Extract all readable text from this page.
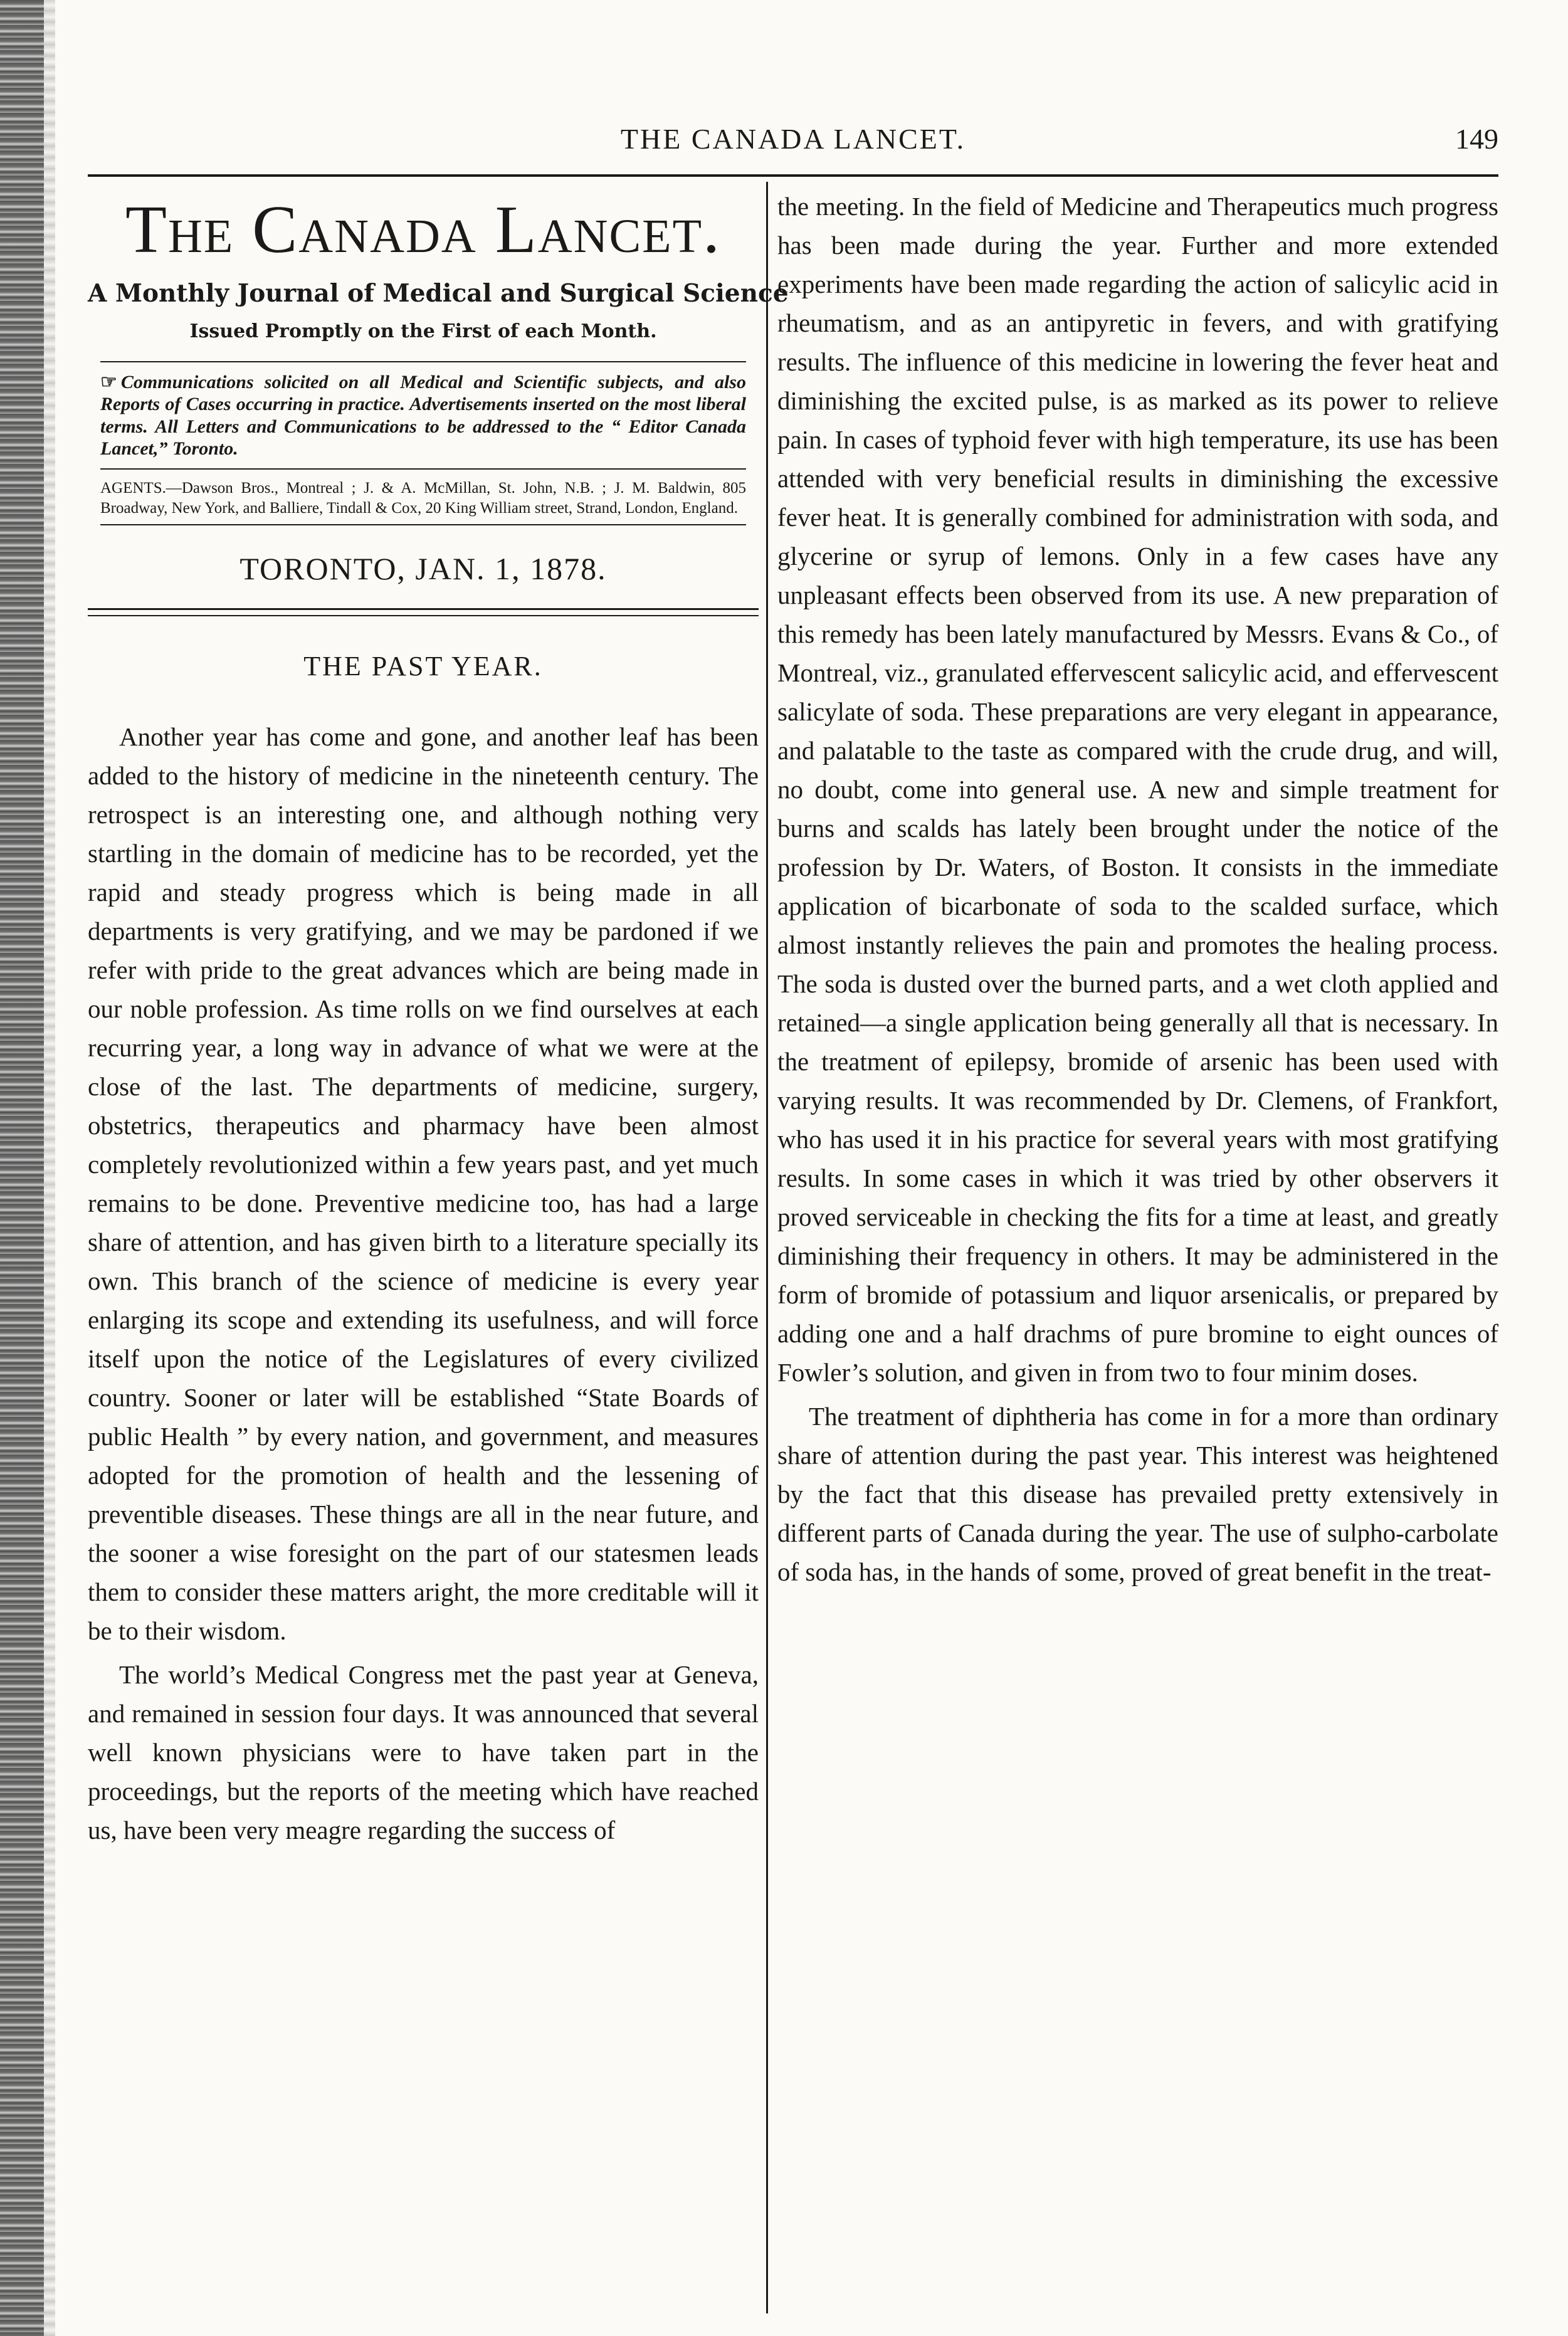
THE CANADA LANCET.	149
The Canada Lancet.
A Monthly Journal of Medical and Surgical Science
Issued Promptly on the First of each Month.
☞ Communications solicited on all Medical and Scientific subjects, and also Reports of Cases occurring in practice. Advertisements inserted on the most liberal terms. All Letters and Communications to be addressed to the “ Editor Canada Lancet,” Toronto.
AGENTS.—Dawson Bros., Montreal ; J. & A. McMillan, St. John, N.B. ; J. M. Baldwin, 805 Broadway, New York, and Balliere, Tindall & Cox, 20 King William street, Strand, London, England.
TORONTO, JAN. 1, 1878.
THE PAST YEAR.

Another year has come and gone, and another leaf has been added to the history of medicine in the nineteenth century. The retrospect is an interesting one, and although nothing very startling in the domain of medicine has to be recorded, yet the rapid and steady progress which is being made in all departments is very gratifying, and we may be pardoned if we refer with pride to the great advances which are being made in our noble profession. As time rolls on we find ourselves at each recurring year, a long way in advance of what we were at the close of the last. The departments of medicine, surgery, obstetrics, therapeutics and pharmacy have been almost completely revolutionized within a few years past, and yet much remains to be done. Preventive medicine too, has had a large share of attention, and has given birth to a literature specially its own. This branch of the science of medicine is every year enlarging its scope and extending its usefulness, and will force itself upon the notice of the Legislatures of every civilized country. Sooner or later will be established “State Boards of public Health ” by every nation, and government, and measures adopted for the promotion of health and the lessening of preventible diseases. These things are all in the near future, and the sooner a wise foresight on the part of our statesmen leads them to consider these matters aright, the more creditable will it be to their wisdom.

The world’s Medical Congress met the past year at Geneva, and remained in session four days. It was announced that several well known physicians were to have taken part in the proceedings, but the reports of the meeting which have reached us, have been very meagre regarding the success of

the meeting. In the field of Medicine and Therapeutics much progress has been made during the year. Further and more extended experiments have been made regarding the action of salicylic acid in rheumatism, and as an antipyretic in fevers, and with gratifying results. The influence of this medicine in lowering the fever heat and diminishing the excited pulse, is as marked as its power to relieve pain. In cases of typhoid fever with high temperature, its use has been attended with very beneficial results in diminishing the excessive fever heat. It is generally combined for administration with soda, and glycerine or syrup of lemons. Only in a few cases have any unpleasant effects been observed from its use. A new preparation of this remedy has been lately manufactured by Messrs. Evans & Co., of Montreal, viz., granulated effervescent salicylic acid, and effervescent salicylate of soda. These preparations are very elegant in appearance, and palatable to the taste as compared with the crude drug, and will, no doubt, come into general use. A new and simple treatment for burns and scalds has lately been brought under the notice of the profession by Dr. Waters, of Boston. It consists in the immediate application of bicarbonate of soda to the scalded surface, which almost instantly relieves the pain and promotes the healing process. The soda is dusted over the burned parts, and a wet cloth applied and retained—a single application being generally all that is necessary. In the treatment of epilepsy, bromide of arsenic has been used with varying results. It was recommended by Dr. Clemens, of Frankfort, who has used it in his practice for several years with most gratifying results. In some cases in which it was tried by other observers it proved serviceable in checking the fits for a time at least, and greatly diminishing their frequency in others. It may be administered in the form of bromide of potassium and liquor arsenicalis, or prepared by adding one and a half drachms of pure bromine to eight ounces of Fowler’s solution, and given in from two to four minim doses.

The treatment of diphtheria has come in for a more than ordinary share of attention during the past year. This interest was heightened by the fact that this disease has prevailed pretty extensively in different parts of Canada during the year. The use of sulpho-carbolate of soda has, in the hands of some, proved of great benefit in the treat-
